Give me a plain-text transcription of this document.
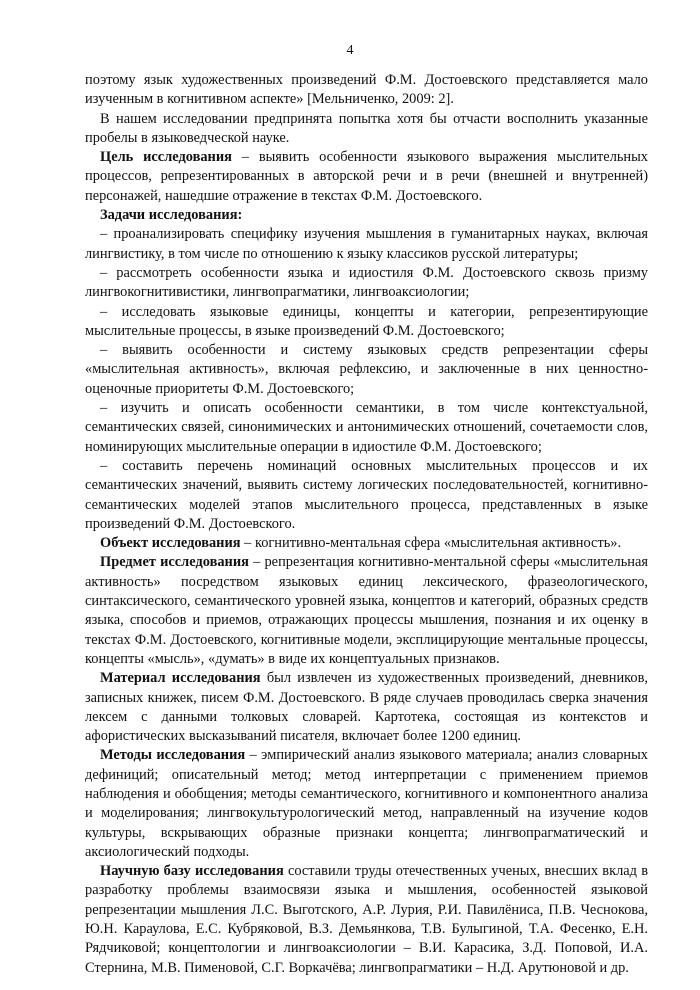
4

поэтому язык художественных произведений Ф.М. Достоевского представляется мало изученным в когнитивном аспекте» [Мельниченко, 2009: 2].

В нашем исследовании предпринята попытка хотя бы отчасти восполнить указанные пробелы в языковедческой науке.

Цель исследования – выявить особенности языкового выражения мыслительных процессов, репрезентированных в авторской речи и в речи (внешней и внутренней) персонажей, нашедшие отражение в текстах Ф.М. Достоевского.

Задачи исследования:

– проанализировать специфику изучения мышления в гуманитарных науках, включая лингвистику, в том числе по отношению к языку классиков русской литературы;

– рассмотреть особенности языка и идиостиля Ф.М. Достоевского сквозь призму лингвокогнитивистики, лингвопрагматики, лингвоаксиологии;

– исследовать языковые единицы, концепты и категории, репрезентирующие мыслительные процессы, в языке произведений Ф.М. Достоевского;

– выявить особенности и систему языковых средств репрезентации сферы «мыслительная активность», включая рефлексию, и заключенные в них ценностно-оценочные приоритеты Ф.М. Достоевского;

– изучить и описать особенности семантики, в том числе контекстуальной, семантических связей, синонимических и антонимических отношений, сочетаемости слов, номинирующих мыслительные операции в идиостиле Ф.М. Достоевского;

– составить перечень номинаций основных мыслительных процессов и их семантических значений, выявить систему логических последовательностей, когнитивно-семантических моделей этапов мыслительного процесса, представленных в языке произведений Ф.М. Достоевского.

Объект исследования – когнитивно-ментальная сфера «мыслительная активность».

Предмет исследования – репрезентация когнитивно-ментальной сферы «мыслительная активность» посредством языковых единиц лексического, фразеологического, синтаксического, семантического уровней языка, концептов и категорий, образных средств языка, способов и приемов, отражающих процессы мышления, познания и их оценку в текстах Ф.М. Достоевского, когнитивные модели, эксплицирующие ментальные процессы, концепты «мысль», «думать» в виде их концептуальных признаков.

Материал исследования был извлечен из художественных произведений, дневников, записных книжек, писем Ф.М. Достоевского. В ряде случаев проводилась сверка значения лексем с данными толковых словарей. Картотека, состоящая из контекстов и афористических высказываний писателя, включает более 1200 единиц.

Методы исследования – эмпирический анализ языкового материала; анализ словарных дефиниций; описательный метод; метод интерпретации с применением приемов наблюдения и обобщения; методы семантического, когнитивного и компонентного анализа и моделирования; лингвокультурологический метод, направленный на изучение кодов культуры, вскрывающих образные признаки концепта; лингвопрагматический и аксиологический подходы.

Научную базу исследования составили труды отечественных ученых, внесших вклад в разработку проблемы взаимосвязи языка и мышления, особенностей языковой репрезентации мышления Л.С. Выготского, А.Р. Лурия, Р.И. Павилёниса, П.В. Чеснокова, Ю.Н. Караулова, Е.С. Кубряковой, В.З. Демьянкова, Т.В. Булыгиной, Т.А. Фесенко, Е.Н. Рядчиковой; концептологии и лингвоаксиологии – В.И. Карасика, З.Д. Поповой, И.А. Стернина, М.В. Пименовой, С.Г. Воркачёва; лингвопрагматики – Н.Д. Арутюновой и др.
